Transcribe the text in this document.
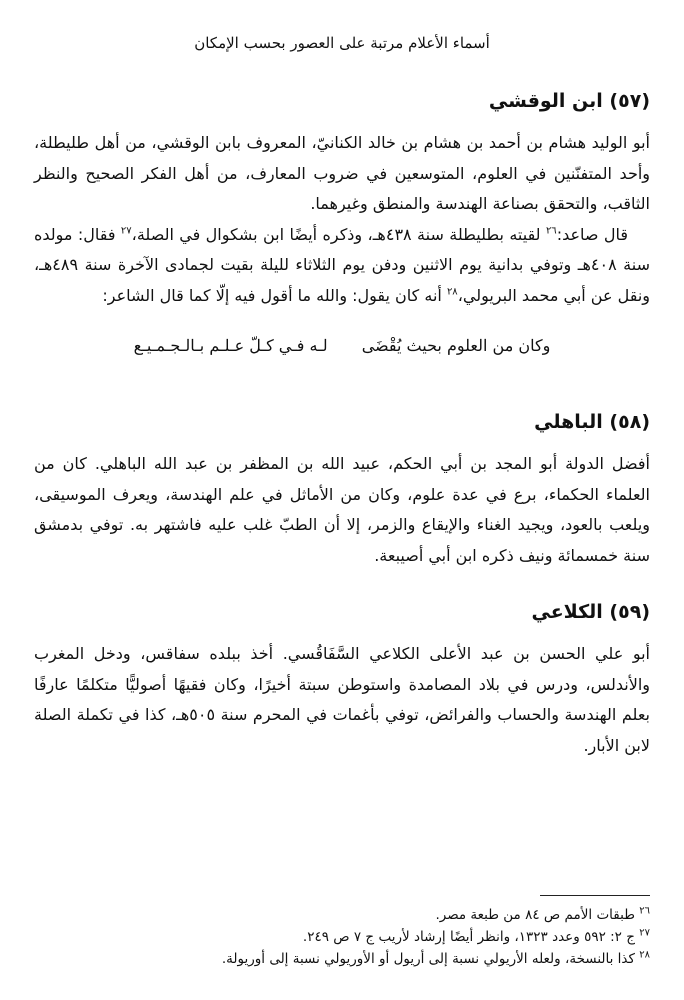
أسماء الأعلام مرتبة على العصور بحسب الإمكان
(٥٧) ابن الوقشي

أبو الوليد هشام بن أحمد بن هشام بن خالد الكنانيّ، المعروف بابن الوقشي، من أهل طليطلة، وأحد المتفنّنين في العلوم، المتوسعين في ضروب المعارف، من أهل الفكر الصحيح والنظر الثاقب، والتحقق بصناعة الهندسة والمنطق وغيرهما.

قال صاعد:$^{٢٦}$ لقيته بطليطلة سنة ٤٣٨هـ، وذكره أيضًا ابن بشكوال في الصلة،$^{٢٧}$ فقال: مولده سنة ٤٠٨هـ وتوفي بدانية يوم الاثنين ودفن يوم الثلاثاء لليلة بقيت لجمادى الآخرة سنة ٤٨٩هـ، ونقل عن أبي محمد البريولي،$^{٢٨}$ أنه كان يقول: والله ما أقول فيه إلّا كما قال الشاعر:

وكان من العلوم بحيث يُقْضَى
لـه فـي كـلّ عـلـم بـالـجـمـيـع
(٥٨) الباهلي

أفضل الدولة أبو المجد بن أبي الحكم، عبيد الله بن المظفر بن عبد الله الباهلي. كان من العلماء الحكماء، برع في عدة علوم، وكان من الأماثل في علم الهندسة، ويعرف الموسيقى، ويلعب بالعود، ويجيد الغناء والإيقاع والزمر، إلا أن الطبّ غلب عليه فاشتهر به. توفي بدمشق سنة خمسمائة ونيف ذكره ابن أبي أصيبعة.

(٥٩) الكلاعي

أبو علي الحسن بن عبد الأعلى الكلاعي السَّفَاقُسي. أخذ ببلده سفاقس، ودخل المغرب والأندلس، ودرس في بلاد المصامدة واستوطن سبتة أخيرًا، وكان فقيهًا أصوليًّا متكلمًا عارفًا بعلم الهندسة والحساب والفرائض، توفي بأغمات في المحرم سنة ٥٠٥هـ، كذا في تكملة الصلة لابن الأبار.

$^{٢٦}$ طبقات الأمم ص ٨٤ من طبعة مصر.

$^{٢٧}$ ج ٢: ٥٩٢ وعدد ١٣٢٣، وانظر أيضًا إرشاد لأريب ج ٧ ص ٢٤٩.

$^{٢٨}$ كذا بالنسخة، ولعله الأريولي نسبة إلى أريول أو الأوريولي نسبة إلى أوريولة.
